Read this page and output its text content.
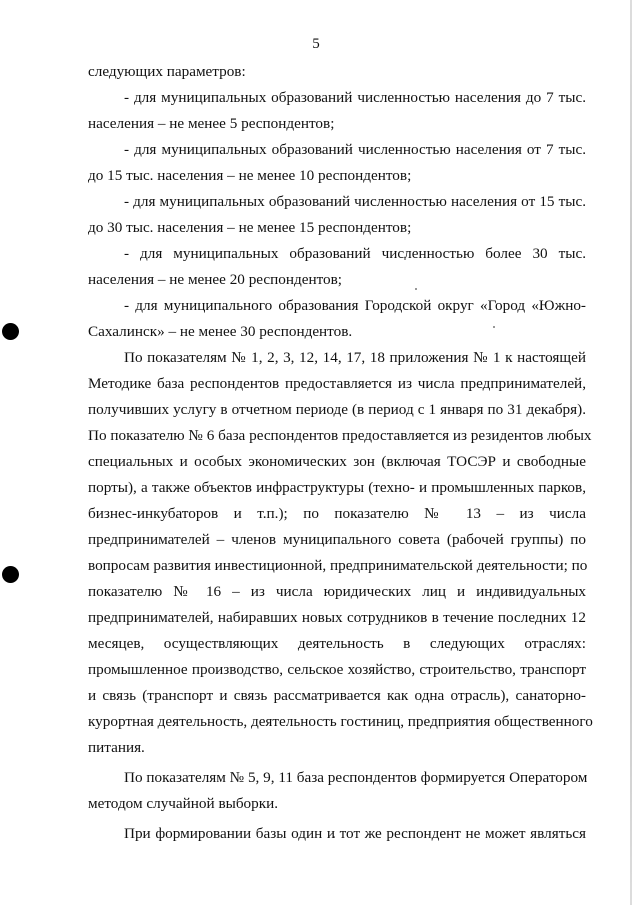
5
следующих параметров:
- для муниципальных образований численностью населения до 7 тыс.
населения – не менее 5 респондентов;
- для муниципальных образований численностью населения от 7 тыс.
до 15 тыс. населения – не менее 10 респондентов;
- для муниципальных образований численностью населения от 15 тыс.
до 30 тыс. населения – не менее 15 респондентов;
- для муниципальных образований численностью более 30 тыс.
населения – не менее 20 респондентов;
- для муниципального образования Городской округ «Город «Южно-
Сахалинск» – не менее 30 респондентов.
По показателям № 1, 2, 3, 12, 14, 17, 18 приложения № 1 к настоящей
Методике база респондентов предоставляется из числа предпринимателей,
получивших услугу в отчетном периоде (в период с 1 января по 31 декабря).
По показателю № 6 база респондентов предоставляется из резидентов любых
специальных и особых экономических зон (включая ТОСЭР и свободные
порты), а также объектов инфраструктуры (техно- и промышленных парков,
бизнес-инкубаторов и т.п.); по показателю № 13 – из числа
предпринимателей – членов муниципального совета (рабочей группы) по
вопросам развития инвестиционной, предпринимательской деятельности; по
показателю № 16 – из числа юридических лиц и индивидуальных
предпринимателей, набиравших новых сотрудников в течение последних 12
месяцев, осуществляющих деятельность в следующих отраслях:
промышленное производство, сельское хозяйство, строительство, транспорт
и связь (транспорт и связь рассматривается как одна отрасль), санаторно-
курортная деятельность, деятельность гостиниц, предприятия общественного
питания.
По показателям № 5, 9, 11 база респондентов формируется Оператором
методом случайной выборки.
При формировании базы один и тот же респондент не может являться
